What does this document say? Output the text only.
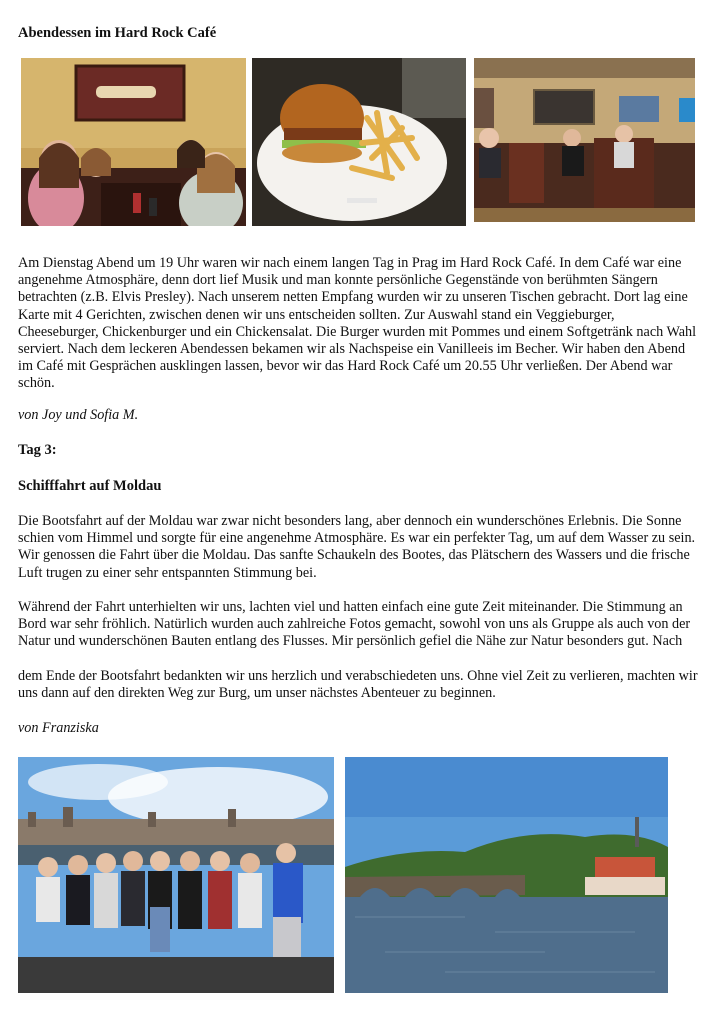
Abendessen im Hard Rock Café

Am Dienstag Abend um 19 Uhr waren wir nach einem langen Tag in Prag im Hard Rock Café. In dem Café war eine angenehme Atmosphäre, denn dort lief Musik und man konnte persönliche Gegenstände von berühmten Sängern betrachten (z.B. Elvis Presley). Nach unserem netten Empfang wurden wir zu unseren Tischen gebracht. Dort lag eine Karte mit 4 Gerichten, zwischen denen wir uns entscheiden sollten. Zur Auswahl stand ein Veggieburger, Cheeseburger, Chickenburger und ein Chickensalat. Die Burger wurden mit Pommes und einem Softgetränk nach Wahl serviert. Nach dem leckeren Abendessen bekamen wir als Nachspeise ein Vanilleeis im Becher. Wir haben den Abend im Café mit Gesprächen ausklingen lassen, bevor wir das Hard Rock Café um 20.55 Uhr verließen. Der Abend war schön.

von Joy und Sofia M.

Tag 3:
Schifffahrt auf Moldau

Die Bootsfahrt auf der Moldau war zwar nicht besonders lang, aber dennoch ein wunderschönes Erlebnis. Die Sonne schien vom Himmel und sorgte für eine angenehme Atmosphäre. Es war ein perfekter Tag, um auf dem Wasser zu sein. Wir genossen die Fahrt über die Moldau. Das sanfte Schaukeln des Bootes, das Plätschern des Wassers und die frische Luft trugen zu einer sehr entspannten Stimmung bei.

Während der Fahrt unterhielten wir uns, lachten viel und hatten einfach eine gute Zeit miteinander. Die Stimmung an Bord war sehr fröhlich. Natürlich wurden auch zahlreiche Fotos gemacht, sowohl von uns als Gruppe als auch von der Natur und wunderschönen Bauten entlang des Flusses. Mir persönlich gefiel die Nähe zur Natur besonders gut. Nach

dem Ende der Bootsfahrt bedankten wir uns herzlich und verabschiedeten uns. Ohne viel Zeit zu verlieren, machten wir uns dann auf den direkten Weg zur Burg, um unser nächstes Abenteuer zu beginnen.

von Franziska
